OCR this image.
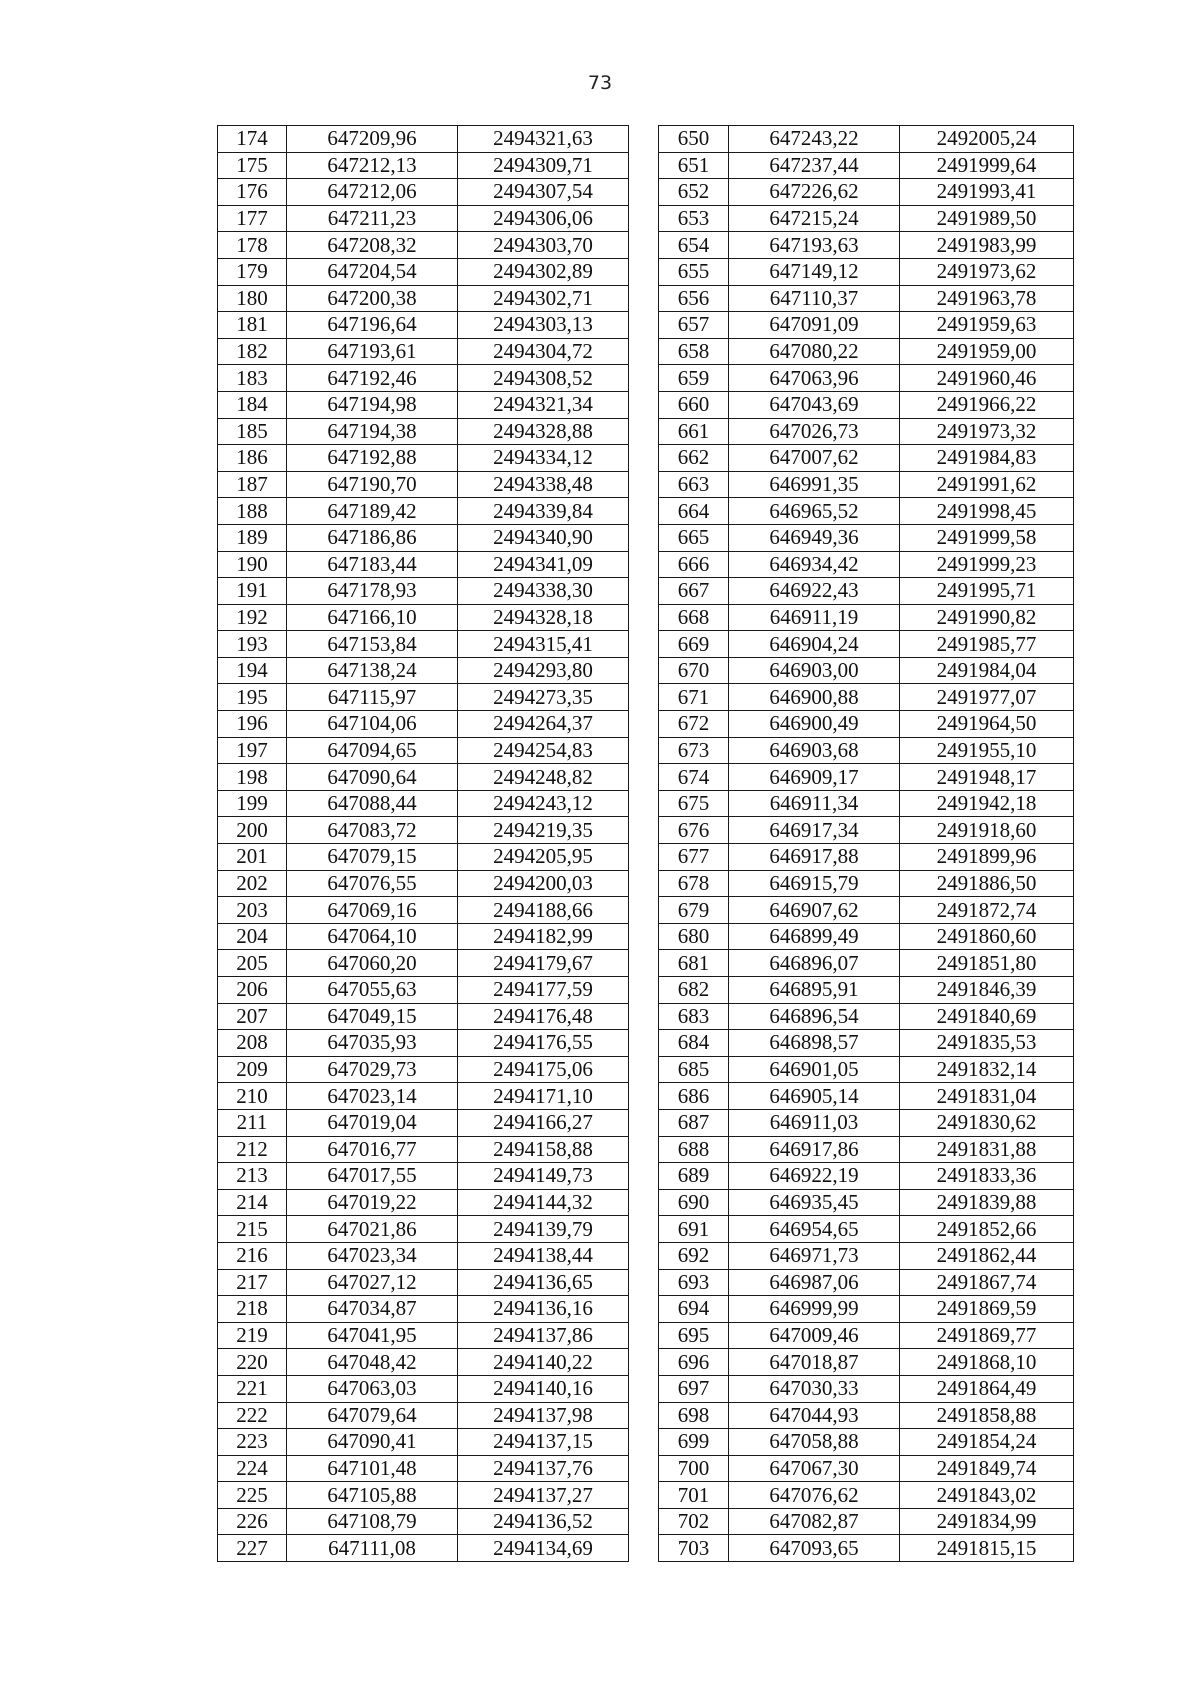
73
174	647209,96	2494321,63
175	647212,13	2494309,71
176	647212,06	2494307,54
177	647211,23	2494306,06
178	647208,32	2494303,70
179	647204,54	2494302,89
180	647200,38	2494302,71
181	647196,64	2494303,13
182	647193,61	2494304,72
183	647192,46	2494308,52
184	647194,98	2494321,34
185	647194,38	2494328,88
186	647192,88	2494334,12
187	647190,70	2494338,48
188	647189,42	2494339,84
189	647186,86	2494340,90
190	647183,44	2494341,09
191	647178,93	2494338,30
192	647166,10	2494328,18
193	647153,84	2494315,41
194	647138,24	2494293,80
195	647115,97	2494273,35
196	647104,06	2494264,37
197	647094,65	2494254,83
198	647090,64	2494248,82
199	647088,44	2494243,12
200	647083,72	2494219,35
201	647079,15	2494205,95
202	647076,55	2494200,03
203	647069,16	2494188,66
204	647064,10	2494182,99
205	647060,20	2494179,67
206	647055,63	2494177,59
207	647049,15	2494176,48
208	647035,93	2494176,55
209	647029,73	2494175,06
210	647023,14	2494171,10
211	647019,04	2494166,27
212	647016,77	2494158,88
213	647017,55	2494149,73
214	647019,22	2494144,32
215	647021,86	2494139,79
216	647023,34	2494138,44
217	647027,12	2494136,65
218	647034,87	2494136,16
219	647041,95	2494137,86
220	647048,42	2494140,22
221	647063,03	2494140,16
222	647079,64	2494137,98
223	647090,41	2494137,15
224	647101,48	2494137,76
225	647105,88	2494137,27
226	647108,79	2494136,52
227	647111,08	2494134,69
650	647243,22	2492005,24
651	647237,44	2491999,64
652	647226,62	2491993,41
653	647215,24	2491989,50
654	647193,63	2491983,99
655	647149,12	2491973,62
656	647110,37	2491963,78
657	647091,09	2491959,63
658	647080,22	2491959,00
659	647063,96	2491960,46
660	647043,69	2491966,22
661	647026,73	2491973,32
662	647007,62	2491984,83
663	646991,35	2491991,62
664	646965,52	2491998,45
665	646949,36	2491999,58
666	646934,42	2491999,23
667	646922,43	2491995,71
668	646911,19	2491990,82
669	646904,24	2491985,77
670	646903,00	2491984,04
671	646900,88	2491977,07
672	646900,49	2491964,50
673	646903,68	2491955,10
674	646909,17	2491948,17
675	646911,34	2491942,18
676	646917,34	2491918,60
677	646917,88	2491899,96
678	646915,79	2491886,50
679	646907,62	2491872,74
680	646899,49	2491860,60
681	646896,07	2491851,80
682	646895,91	2491846,39
683	646896,54	2491840,69
684	646898,57	2491835,53
685	646901,05	2491832,14
686	646905,14	2491831,04
687	646911,03	2491830,62
688	646917,86	2491831,88
689	646922,19	2491833,36
690	646935,45	2491839,88
691	646954,65	2491852,66
692	646971,73	2491862,44
693	646987,06	2491867,74
694	646999,99	2491869,59
695	647009,46	2491869,77
696	647018,87	2491868,10
697	647030,33	2491864,49
698	647044,93	2491858,88
699	647058,88	2491854,24
700	647067,30	2491849,74
701	647076,62	2491843,02
702	647082,87	2491834,99
703	647093,65	2491815,15
